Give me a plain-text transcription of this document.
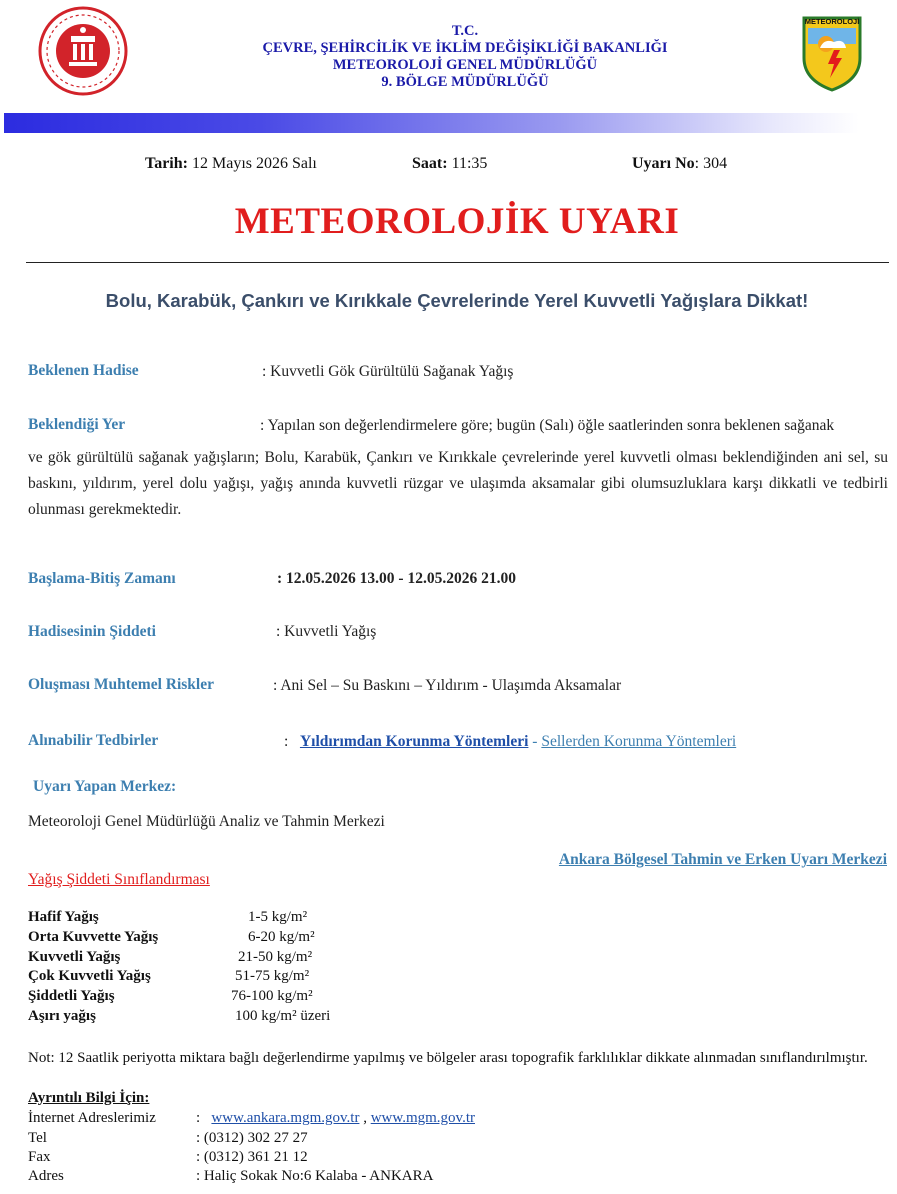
T.C.
ÇEVRE, ŞEHİRCİLİK VE İKLİM DEĞİŞİKLİĞİ BAKANLIĞI
METEOROLOJİ GENEL MÜDÜRLÜĞÜ
9. BÖLGE MÜDÜRLÜĞÜ
METEOROLOJİ
Tarih: 12 Mayıs 2026 Salı	Saat: 11:35	Uyarı No: 304
METEOROLOJİK UYARI
Bolu, Karabük, Çankırı ve Kırıkkale Çevrelerinde Yerel Kuvvetli Yağışlara Dikkat!
Beklenen Hadise	: Kuvvetli Gök Gürültülü Sağanak Yağış
Beklendiği Yer	: Yapılan son değerlendirmelere göre; bugün (Salı) öğle saatlerinden sonra beklenen sağanak
ve gök gürültülü sağanak yağışların; Bolu, Karabük, Çankırı ve Kırıkkale çevrelerinde yerel kuvvetli olması beklendiğinden ani sel, su baskını, yıldırım, yerel dolu yağışı, yağış anında kuvvetli rüzgar ve ulaşımda aksamalar gibi olumsuzluklara karşı dikkatli ve tedbirli olunması gerekmektedir.
Başlama-Bitiş Zamanı	: 12.05.2026 13.00 - 12.05.2026 21.00
Hadisesinin Şiddeti	: Kuvvetli Yağış
Oluşması Muhtemel Riskler	: Ani Sel – Su Baskını – Yıldırım - Ulaşımda Aksamalar
Alınabilir Tedbirler	: Yıldırımdan Korunma Yöntemleri - Sellerden Korunma Yöntemleri
Uyarı Yapan Merkez:
Meteoroloji Genel Müdürlüğü Analiz ve Tahmin Merkezi
Ankara Bölgesel Tahmin ve Erken Uyarı Merkezi
Yağış Şiddeti Sınıflandırması
Hafif Yağış	1-5 kg/m²
Orta Kuvvette Yağış	6-20 kg/m²
Kuvvetli Yağış	21-50 kg/m²
Çok Kuvvetli Yağış	51-75 kg/m²
Şiddetli Yağış	76-100 kg/m²
Aşırı yağış	100 kg/m² üzeri
Not: 12 Saatlik periyotta miktara bağlı değerlendirme yapılmış ve bölgeler arası topografik farklılıklar dikkate alınmadan sınıflandırılmıştır.
Ayrıntılı Bilgi İçin:
İnternet Adreslerimiz	: www.ankara.mgm.gov.tr , www.mgm.gov.tr
Tel	: (0312) 302 27 27
Fax	: (0312) 361 21 12
Adres	: Haliç Sokak No:6 Kalaba - ANKARA
